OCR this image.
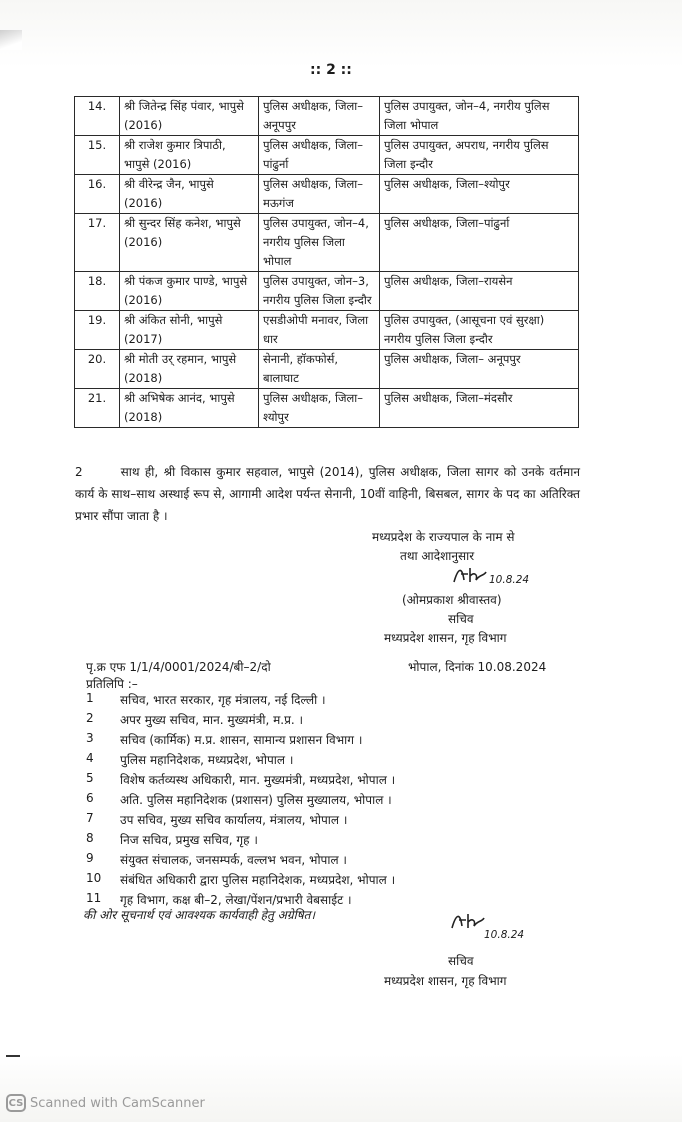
:: 2 ::
14.	श्री जितेन्द्र सिंह पंवार, भापुसे (2016)	पुलिस अधीक्षक, जिला– अनूपपुर	पुलिस उपायुक्त, जोन–4, नगरीय पुलिस जिला भोपाल
15.	श्री राजेश कुमार त्रिपाठी, भापुसे (2016)	पुलिस अधीक्षक, जिला–पांढुर्ना	पुलिस उपायुक्त, अपराध, नगरीय पुलिस जिला इन्दौर
16.	श्री वीरेन्द्र जैन, भापुसे (2016)	पुलिस अधीक्षक, जिला–मऊगंज	पुलिस अधीक्षक, जिला–श्योपुर
17.	श्री सुन्दर सिंह कनेश, भापुसे (2016)	पुलिस उपायुक्त, जोन–4, नगरीय पुलिस जिला भोपाल	पुलिस अधीक्षक, जिला–पांढुर्ना
18.	श्री पंकज कुमार पाण्डे, भापुसे (2016)	पुलिस उपायुक्त, जोन–3, नगरीय पुलिस जिला इन्दौर	पुलिस अधीक्षक, जिला–रायसेन
19.	श्री अंकित सोनी, भापुसे (2017)	एसडीओपी मनावर, जिला धार	पुलिस उपायुक्त, (आसूचना एवं सुरक्षा) नगरीय पुलिस जिला इन्दौर
20.	श्री मोती उर् रहमान, भापुसे (2018)	सेनानी, हॉकफोर्स, बालाघाट	पुलिस अधीक्षक, जिला– अनूपपुर
21.	श्री अभिषेक आनंद, भापुसे (2018)	पुलिस अधीक्षक, जिला–श्योपुर	पुलिस अधीक्षक, जिला–मंदसौर
2	साथ ही, श्री विकास कुमार सहवाल, भापुसे (2014), पुलिस अधीक्षक, जिला सागर को उनके वर्तमान कार्य के साथ–साथ अस्थाई रूप से, आगामी आदेश पर्यन्त सेनानी, 10वीं वाहिनी, बिसबल, सागर के पद का अतिरिक्त प्रभार सौंपा जाता है ।
मध्यप्रदेश के राज्यपाल के नाम से
तथा आदेशानुसार
10.8.24
(ओमप्रकाश श्रीवास्तव)
सचिव
मध्यप्रदेश शासन, गृह विभाग
पृ.क्र एफ 1/1/4/0001/2024/बी–2/दो	भोपाल, दिनांक 10.08.2024
प्रतिलिपि :–
1	सचिव, भारत सरकार, गृह मंत्रालय, नई दिल्ली ।
2	अपर मुख्य सचिव, मान. मुख्यमंत्री, म.प्र. ।
3	सचिव (कार्मिक) म.प्र. शासन, सामान्य प्रशासन विभाग ।
4	पुलिस महानिदेशक, मध्यप्रदेश, भोपाल ।
5	विशेष कर्तव्यस्थ अधिकारी, मान. मुख्यमंत्री, मध्यप्रदेश, भोपाल ।
6	अति. पुलिस महानिदेशक (प्रशासन) पुलिस मुख्यालय, भोपाल ।
7	उप सचिव, मुख्य सचिव कार्यालय, मंत्रालय, भोपाल ।
8	निज सचिव, प्रमुख सचिव, गृह ।
9	संयुक्त संचालक, जनसम्पर्क, वल्लभ भवन, भोपाल ।
10	संबंधित अधिकारी द्वारा पुलिस महानिदेशक, मध्यप्रदेश, भोपाल ।
11	गृह विभाग, कक्ष बी–2, लेखा/पेंशन/प्रभारी वेबसाईट ।
की ओर सूचनार्थ एवं आवश्यक कार्यवाही हेतु अग्रेषित।
10.8.24
सचिव
मध्यप्रदेश शासन, गृह विभाग
CS Scanned with CamScanner
